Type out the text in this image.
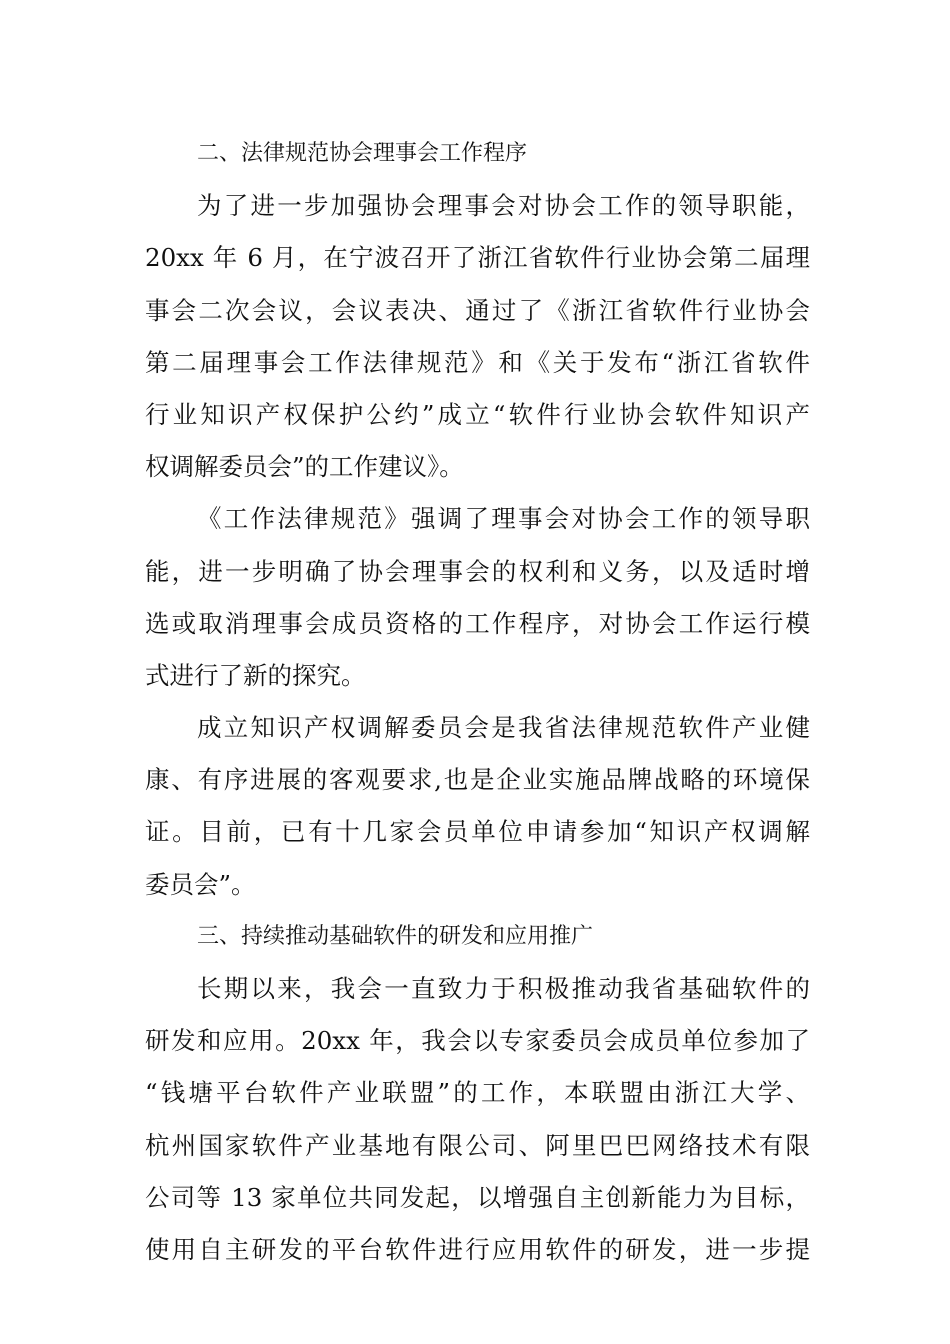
二、法律规范协会理事会工作程序
为了进一步加强协会理事会对协会工作的领导职能，
20xx 年 6 月，在宁波召开了浙江省软件行业协会第二届理
事会二次会议，会议表决、通过了《浙江省软件行业协会
第二届理事会工作法律规范》和《关于发布“浙江省软件
行业知识产权保护公约”成立“软件行业协会软件知识产
权调解委员会”的工作建议》。
《工作法律规范》强调了理事会对协会工作的领导职
能，进一步明确了协会理事会的权利和义务，以及适时增
选或取消理事会成员资格的工作程序，对协会工作运行模
式进行了新的探究。
成立知识产权调解委员会是我省法律规范软件产业健
康、有序进展的客观要求,也是企业实施品牌战略的环境保
证。目前，已有十几家会员单位申请参加“知识产权调解
委员会”。
三、持续推动基础软件的研发和应用推广
长期以来，我会一直致力于积极推动我省基础软件的
研发和应用。20xx 年，我会以专家委员会成员单位参加了
“钱塘平台软件产业联盟”的工作，本联盟由浙江大学、
杭州国家软件产业基地有限公司、阿里巴巴网络技术有限
公司等 13 家单位共同发起，以增强自主创新能力为目标，
使用自主研发的平台软件进行应用软件的研发，进一步提
